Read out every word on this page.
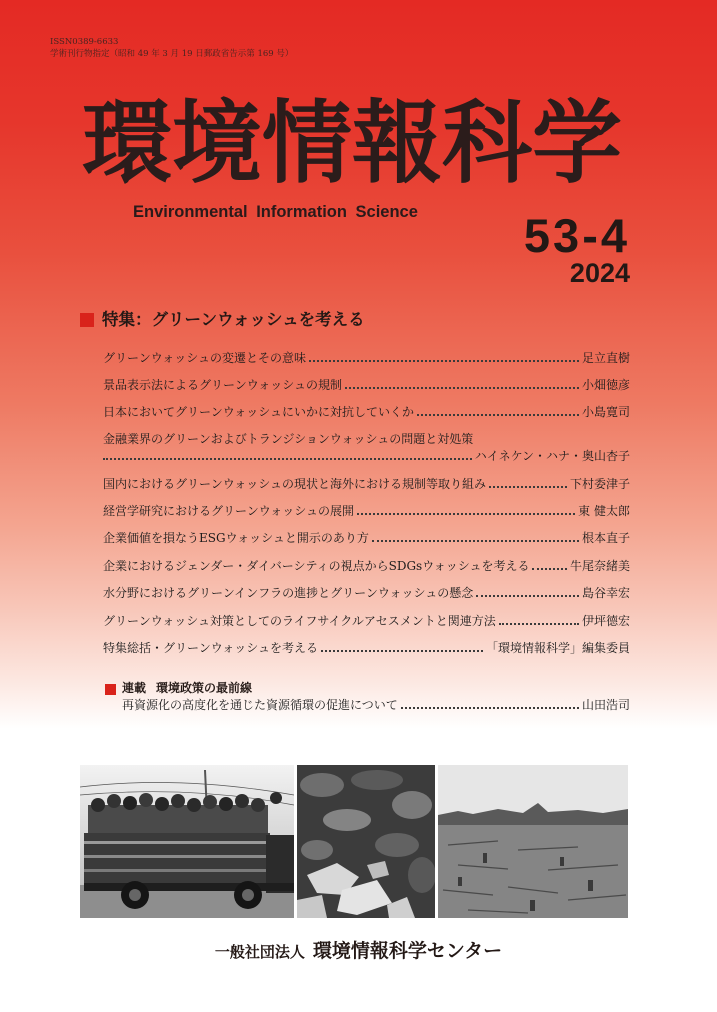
ISSN0389-6633
学術刊行物指定（昭和 49 年 3 月 19 日郵政省告示第 169 号）
環境情報科学
Environmental Information Science 53-4
2024
特集：グリーンウォッシュを考える
グリーンウォッシュの変遷とその意味	足立直樹
景品表示法によるグリーンウォッシュの規制	小畑徳彦
日本においてグリーンウォッシュにいかに対抗していくか	小島寛司
金融業界のグリーンおよびトランジションウォッシュの問題と対処策
ハイネケン・ハナ・奥山杏子
国内におけるグリーンウォッシュの現状と海外における規制等取り組み	下村委津子
経営学研究におけるグリーンウォッシュの展開	東 健太郎
企業価値を損なうESGウォッシュと開示のあり方	根本直子
企業におけるジェンダー・ダイバーシティの視点からSDGsウォッシュを考える	牛尾奈緒美
水分野におけるグリーンインフラの進捗とグリーンウォッシュの懸念	島谷幸宏
グリーンウォッシュ対策としてのライフサイクルアセスメントと関連方法	伊坪德宏
特集総括・グリーンウォッシュを考える	「環境情報科学」編集委員
連載 環境政策の最前線
再資源化の高度化を通じた資源循環の促進について	山田浩司
一般社団法人 環境情報科学センター
